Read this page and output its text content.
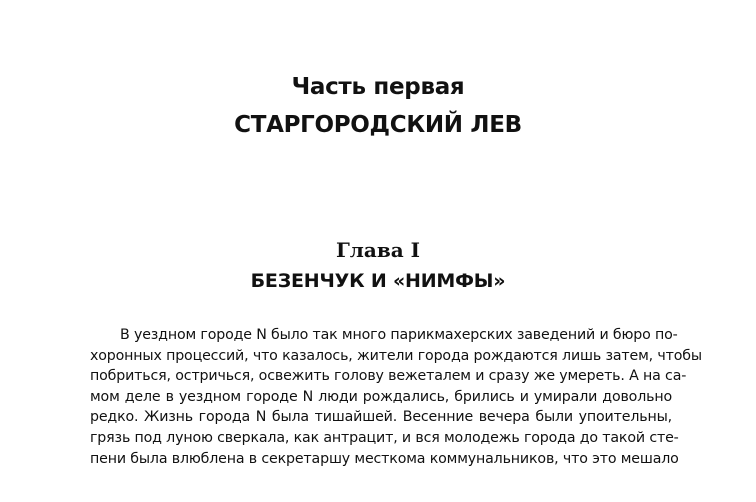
Часть первая
СТАРГОРОДСКИЙ ЛЕВ
Глава I
БЕЗЕНЧУК И «НИМФЫ»
В уездном городе N было так много парикмахерских заведений и бюро по-
хоронных процессий, что казалось, жители города рождаются лишь затем, чтобы
побриться, остричься, освежить голову вежеталем и сразу же умереть. А на са-
мом деле в уездном городе N люди рождались, брились и умирали довольно
редко. Жизнь города N была тишайшей. Весенние вечера были упоительны,
грязь под луною сверкала, как антрацит, и вся молодежь города до такой сте-
пени была влюблена в секретаршу месткома коммунальников, что это мешало
